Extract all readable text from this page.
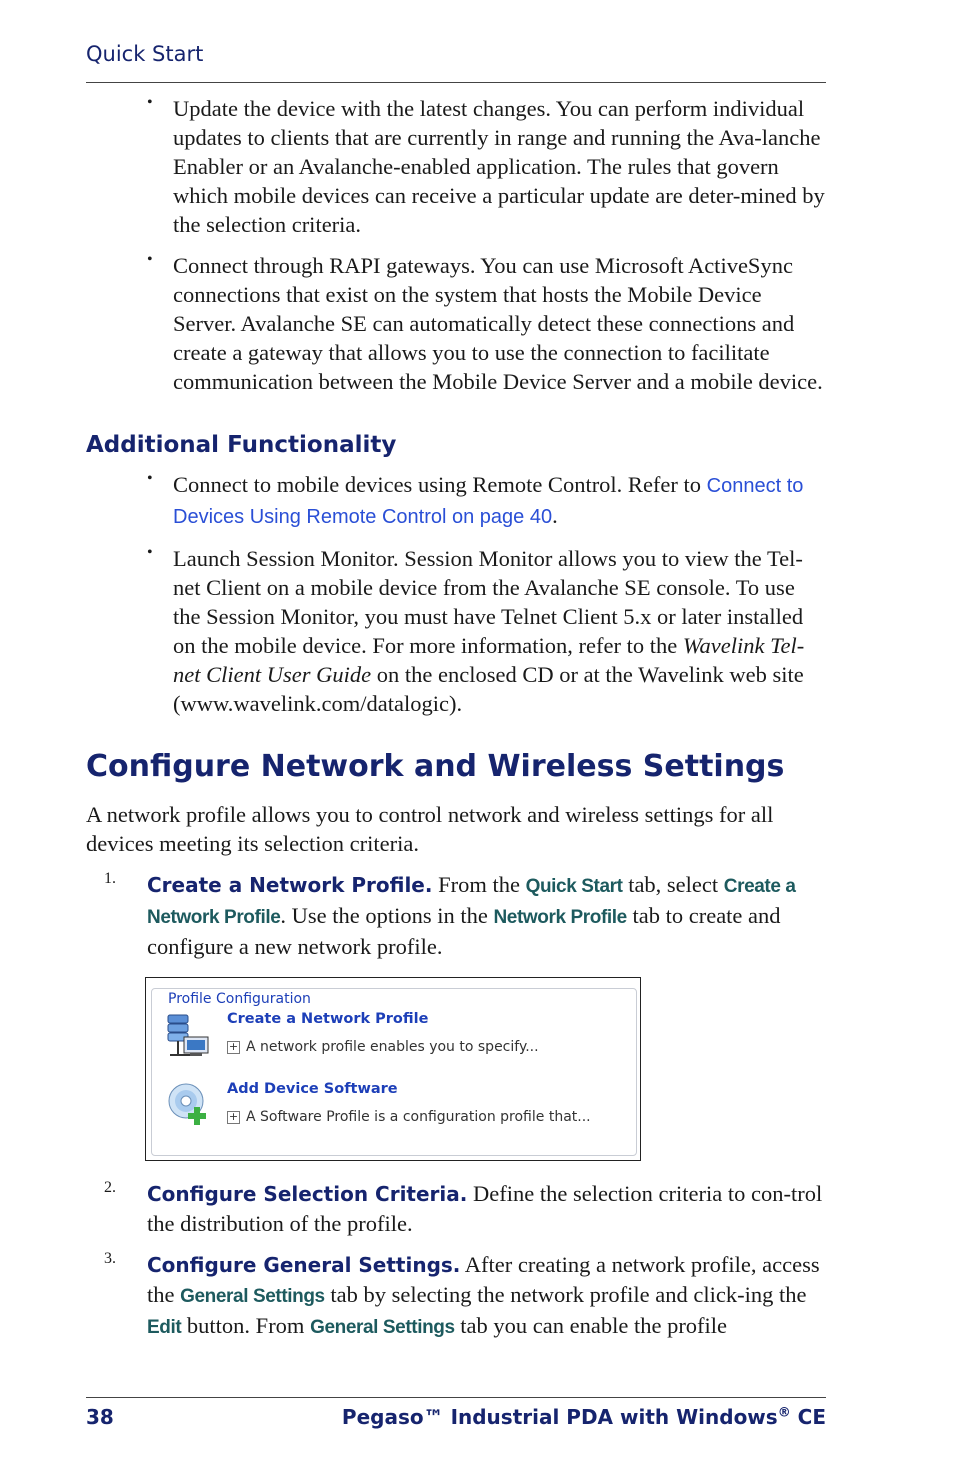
Quick Start
• Update the device with the latest changes. You can perform individual updates to clients that are currently in range and running the Ava-lanche Enabler or an Avalanche-enabled application. The rules that govern which mobile devices can receive a particular update are deter-mined by the selection criteria.

• Connect through RAPI gateways. You can use Microsoft ActiveSync connections that exist on the system that hosts the Mobile Device Server. Avalanche SE can automatically detect these connections and create a gateway that allows you to use the connection to facilitate communication between the Mobile Device Server and a mobile device.

Additional Functionality
• Connect to mobile devices using Remote Control. Refer to Connect to Devices Using Remote Control on page 40.

• Launch Session Monitor. Session Monitor allows you to view the Tel-net Client on a mobile device from the Avalanche SE console. To use the Session Monitor, you must have Telnet Client 5.x or later installed on the mobile device. For more information, refer to the Wavelink Tel-net Client User Guide on the enclosed CD or at the Wavelink web site (www.wavelink.com/datalogic).

Configure Network and Wireless Settings

A network profile allows you to control network and wireless settings for all devices meeting its selection criteria.

1. Create a Network Profile. From the Quick Start tab, select Create a Network Profile. Use the options in the Network Profile tab to create and configure a new network profile.

Profile Configuration
Create a Network Profile
+ A network profile enables you to specify...
Add Device Software
+ A Software Profile is a configuration profile that...
2. Configure Selection Criteria. Define the selection criteria to con-trol the distribution of the profile.

3. Configure General Settings. After creating a network profile, access the General Settings tab by selecting the network profile and click-ing the Edit button. From General Settings tab you can enable the profile

38	Pegaso™ Industrial PDA with Windows® CE
